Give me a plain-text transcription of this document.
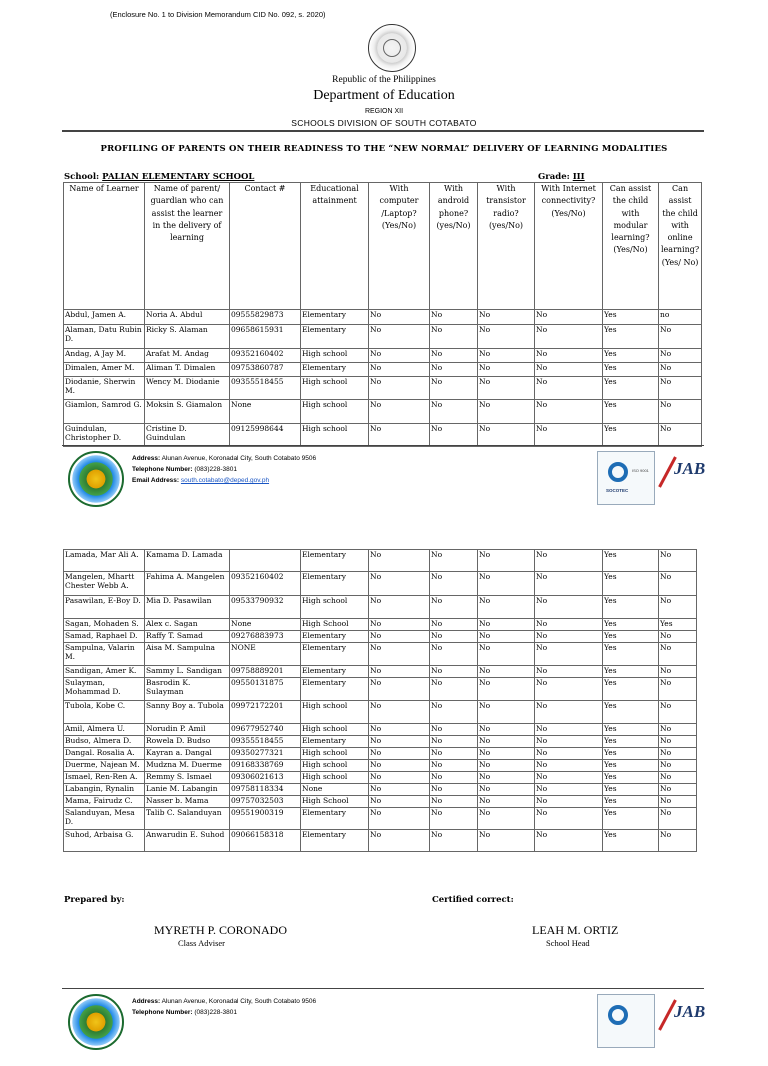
(Enclosure No. 1 to Division Memorandum CID No. 092, s. 2020)
Republic of the Philippines
Department of Education
REGION XII
SCHOOLS DIVISION OF SOUTH COTABATO
PROFILING OF PARENTS ON THEIR READINESS TO THE “NEW NORMAL” DELIVERY OF LEARNING MODALITIES
School: PALIAN ELEMENTARY SCHOOL	Grade: III
Name of Learner	Name of parent/ guardian who can assist the learner in the delivery of learning	Contact #	Educational attainment	With computer /Laptop? (Yes/No)	With android phone? (yes/No)	With transistor radio? (yes/No)	With Internet connectivity? (Yes/No)	Can assist the child with modular learning? (Yes/No)	Can assist the child with online learning? (Yes/ No)
Abdul, Jamen A.	Noria A. Abdul	09555829873	Elementary	No	No	No	No	Yes	no
Alaman, Datu Rubin D.	Ricky S. Alaman	09658615931	Elementary	No	No	No	No	Yes	No
Andag, A Jay M.	Arafat M. Andag	09352160402	High school	No	No	No	No	Yes	No
Dimalen, Amer M.	Aliman T. Dimalen	09753860787	Elementary	No	No	No	No	Yes	No
Diodanie, Sherwin M.	Wency M. Diodanie	09355518455	High school	No	No	No	No	Yes	No
Giamlon, Samrod G.	Moksin S. Giamalon	None	High school	No	No	No	No	Yes	No
Guindulan, Christopher D.	Cristine D. Guindulan	09125998644	High school	No	No	No	No	Yes	No
Address: Alunan Avenue, Koronadal City, South Cotabato 9506
Telephone Number: (083)228-3801
Email Address: south.cotabato@deped.gov.ph
ISO 9001
SOCOTEC
JAB
Lamada, Mar Ali A.	Kamama D. Lamada		Elementary	No	No	No	No	Yes	No
Mangelen, Mhartt Chester Webb A.	Fahima A. Mangelen	09352160402	Elementary	No	No	No	No	Yes	No
Pasawilan, E-Boy D.	Mia D. Pasawilan	09533790932	High school	No	No	No	No	Yes	No
Sagan, Mohaden S.	Alex c. Sagan	None	High School	No	No	No	No	Yes	Yes
Samad, Raphael D.	Raffy T. Samad	09276883973	Elementary	No	No	No	No	Yes	No
Sampulna, Valarin M.	Aisa M. Sampulna	NONE	Elementary	No	No	No	No	Yes	No
Sandigan, Amer K.	Sammy L. Sandigan	09758889201	Elementary	No	No	No	No	Yes	No
Sulayman, Mohammad D.	Basrodin K. Sulayman	09550131875	Elementary	No	No	No	No	Yes	No
Tubola, Kobe C.	Sanny Boy a. Tubola	09972172201	High school	No	No	No	No	Yes	No
Amil, Almera U.	Norudin P. Amil	09677952740	High school	No	No	No	No	Yes	No
Budso, Almera D.	Rowela D. Budso	09355518455	Elementary	No	No	No	No	Yes	No
Dangal. Rosalia A.	Kayran a. Dangal	09350277321	High school	No	No	No	No	Yes	No
Duerme, Najean M.	Mudzna M. Duerme	09168338769	High school	No	No	No	No	Yes	No
Ismael, Ren-Ren A.	Remmy S. Ismael	09306021613	High school	No	No	No	No	Yes	No
Labangin, Rynalin	Lanie M. Labangin	09758118334	None	No	No	No	No	Yes	No
Mama, Fairudz C.	Nasser b. Mama	09757032503	High School	No	No	No	No	Yes	No
Salanduyan, Mesa D.	Talib C. Salanduyan	09551900319	Elementary	No	No	No	No	Yes	No
Suhod, Arbaisa G.	Anwarudin E. Suhod	09066158318	Elementary	No	No	No	No	Yes	No
Prepared by:	Certified correct:
MYRETH P. CORONADO
Class Adviser
LEAH M. ORTIZ
School Head
Address: Alunan Avenue, Koronadal City, South Cotabato 9506
Telephone Number: (083)228-3801	JAB
